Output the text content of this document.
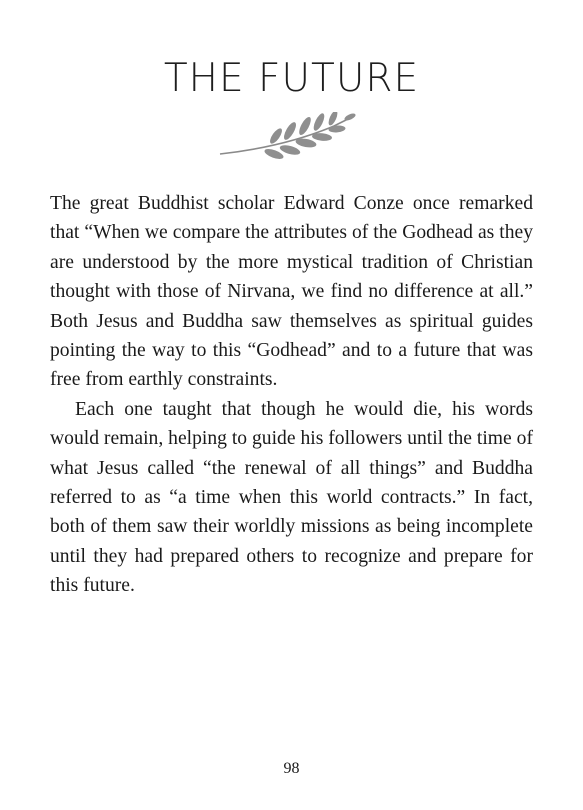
THE FUTURE

The great Buddhist scholar Edward Conze once remarked that “When we compare the attributes of the Godhead as they are understood by the more mystical tradition of Christian thought with those of Nirvana, we find no difference at all.” Both Jesus and Buddha saw themselves as spiritual guides pointing the way to this “Godhead” and to a future that was free from earthly constraints.

Each one taught that though he would die, his words would remain, helping to guide his followers until the time of what Jesus called “the renewal of all things” and Buddha referred to as “a time when this world contracts.” In fact, both of them saw their worldly missions as being incomplete until they had prepared others to recognize and prepare for this future.

98
